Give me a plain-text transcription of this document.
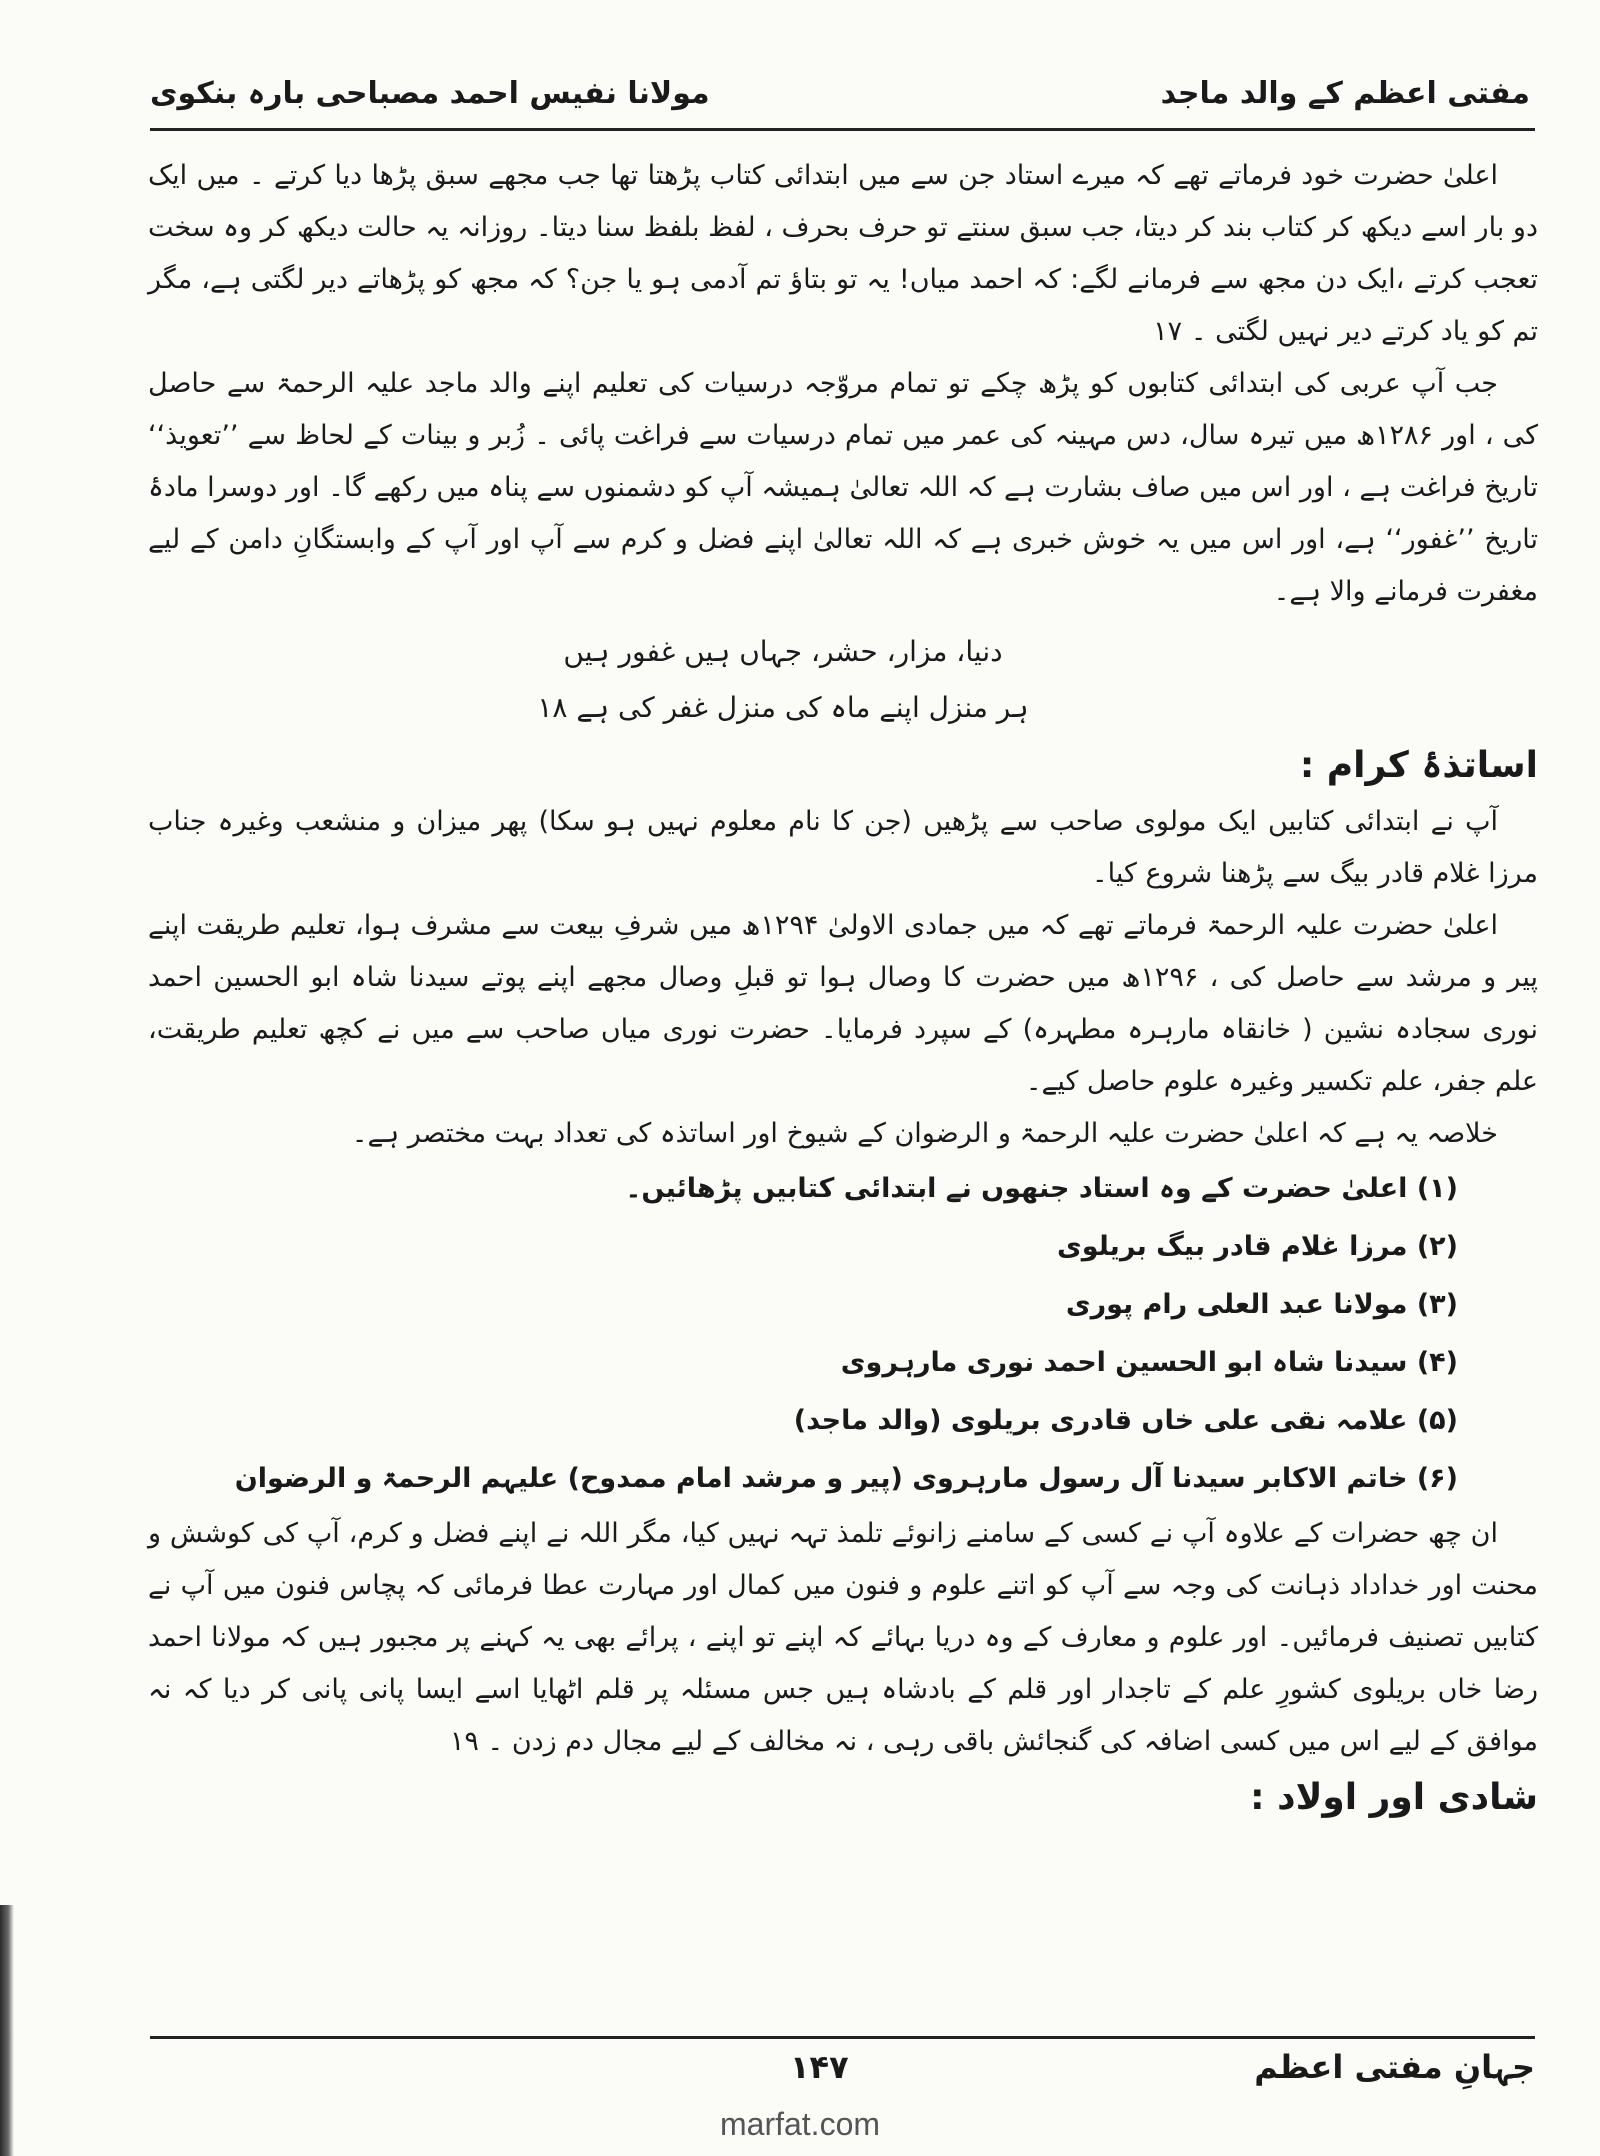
مفتی اعظم کے والد ماجد
مولانا نفیس احمد مصباحی بارہ بنکوی

اعلیٰ حضرت خود فرماتے تھے کہ میرے استاد جن سے میں ابتدائی کتاب پڑھتا تھا جب مجھے سبق پڑھا دیا کرتے ۔ میں ایک دو بار اسے دیکھ کر کتاب بند کر دیتا، جب سبق سنتے تو حرف بحرف ، لفظ بلفظ سنا دیتا۔ روزانہ یہ حالت دیکھ کر وہ سخت تعجب کرتے ،ایک دن مجھ سے فرمانے لگے: کہ احمد میاں! یہ تو بتاؤ تم آدمی ہو یا جن؟ کہ مجھ کو پڑھاتے دیر لگتی ہے، مگر تم کو یاد کرتے دیر نہیں لگتی ۔ ۱۷

جب آپ عربی کی ابتدائی کتابوں کو پڑھ چکے تو تمام مروّجہ درسیات کی تعلیم اپنے والد ماجد علیہ الرحمۃ سے حاصل کی ، اور ۱۲۸۶ھ میں تیرہ سال، دس مہینہ کی عمر میں تمام درسیات سے فراغت پائی ۔ زُبر و بینات کے لحاظ سے ’’تعویذ‘‘ تاریخ فراغت ہے ، اور اس میں صاف بشارت ہے کہ اللہ تعالیٰ ہمیشہ آپ کو دشمنوں سے پناہ میں رکھے گا۔ اور دوسرا مادۂ تاریخ ’’غفور‘‘ ہے، اور اس میں یہ خوش خبری ہے کہ اللہ تعالیٰ اپنے فضل و کرم سے آپ اور آپ کے وابستگانِ دامن کے لیے مغفرت فرمانے والا ہے۔

دنیا، مزار، حشر، جہاں ہیں غفور ہیں

ہر منزل اپنے ماہ کی منزل غفر کی ہے ۱۸

اساتذۂ کرام :

آپ نے ابتدائی کتابیں ایک مولوی صاحب سے پڑھیں (جن کا نام معلوم نہیں ہو سکا) پھر میزان و منشعب وغیرہ جناب مرزا غلام قادر بیگ سے پڑھنا شروع کیا۔

اعلیٰ حضرت علیہ الرحمۃ فرماتے تھے کہ میں جمادی الاولیٰ ۱۲۹۴ھ میں شرفِ بیعت سے مشرف ہوا، تعلیم طریقت اپنے پیر و مرشد سے حاصل کی ، ۱۲۹۶ھ میں حضرت کا وصال ہوا تو قبلِ وصال مجھے اپنے پوتے سیدنا شاہ ابو الحسین احمد نوری سجادہ نشین ( خانقاہ مارہرہ مطہرہ) کے سپرد فرمایا۔ حضرت نوری میاں صاحب سے میں نے کچھ تعلیم طریقت، علم جفر، علم تکسیر وغیرہ علوم حاصل کیے۔

خلاصہ یہ ہے کہ اعلیٰ حضرت علیہ الرحمۃ و الرضوان کے شیوخ اور اساتذہ کی تعداد بہت مختصر ہے۔

(۱) اعلیٰ حضرت کے وہ استاد جنھوں نے ابتدائی کتابیں پڑھائیں۔

(۲) مرزا غلام قادر بیگ بریلوی

(۳) مولانا عبد العلی رام پوری

(۴) سیدنا شاہ ابو الحسین احمد نوری مارہروی

(۵) علامہ نقی علی خاں قادری بریلوی (والد ماجد)

(۶) خاتم الاکابر سیدنا آل رسول مارہروی (پیر و مرشد امام ممدوح) علیہم الرحمۃ و الرضوان

ان چھ حضرات کے علاوہ آپ نے کسی کے سامنے زانوئے تلمذ تہہ نہیں کیا، مگر اللہ نے اپنے فضل و کرم، آپ کی کوشش و محنت اور خداداد ذہانت کی وجہ سے آپ کو اتنے علوم و فنون میں کمال اور مہارت عطا فرمائی کہ پچاس فنون میں آپ نے کتابیں تصنیف فرمائیں۔ اور علوم و معارف کے وہ دریا بہائے کہ اپنے تو اپنے ، پرائے بھی یہ کہنے پر مجبور ہیں کہ مولانا احمد رضا خاں بریلوی کشورِ علم کے تاجدار اور قلم کے بادشاہ ہیں جس مسئلہ پر قلم اٹھایا اسے ایسا پانی پانی کر دیا کہ نہ موافق کے لیے اس میں کسی اضافہ کی گنجائش باقی رہی ، نہ مخالف کے لیے مجال دم زدن ۔ ۱۹

شادی اور اولاد :

جہانِ مفتی اعظم
۱۴۷
marfat.com
